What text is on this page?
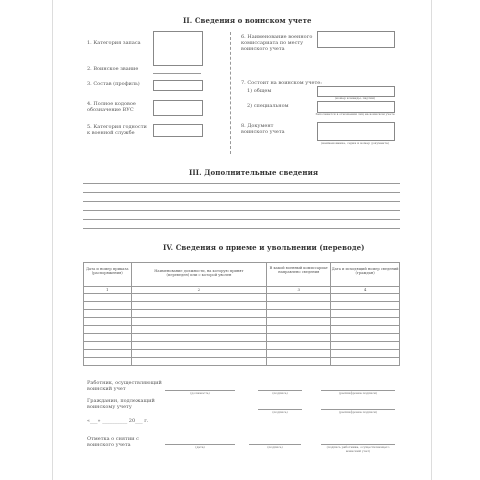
II. Сведения о воинском учете
1. Категория запаса
2. Воинское звание
3. Состав (профиль)
4. Полное кодовое обозначение ВУС
5. Категория годности к военной службе
6. Наименование военного комиссариата по месту воинского учета
7. Состоит на воинском учете:
1) общем
(номер команды, партии)
2) специальном
Заполняется в отношении лиц на воинском учете
8. Документ воинского учета
(наименование, серия и номер документа)
III. Дополнительные сведения
IV. Сведения о приеме и увольнении (переводе)
Дата и номер приказа (распоряжения)	Наименование должности, на которую принят (переведен) или с которой уволен	В какой военный комиссариат направлено сведения	Дата и исходящий номер сведений (граждан)

1	2	3	4

Работник, осуществляющий воинский учет
(должность)	(подпись)	(расшифровка подписи)
Гражданин, подлежащий воинскому учету
(подпись)	(расшифровка подписи)
«___» __________ 20___ г.
Отметка о снятии с воинского учета	(дата)	(подпись)	(подпись работника, осуществляющего воинский учет)
